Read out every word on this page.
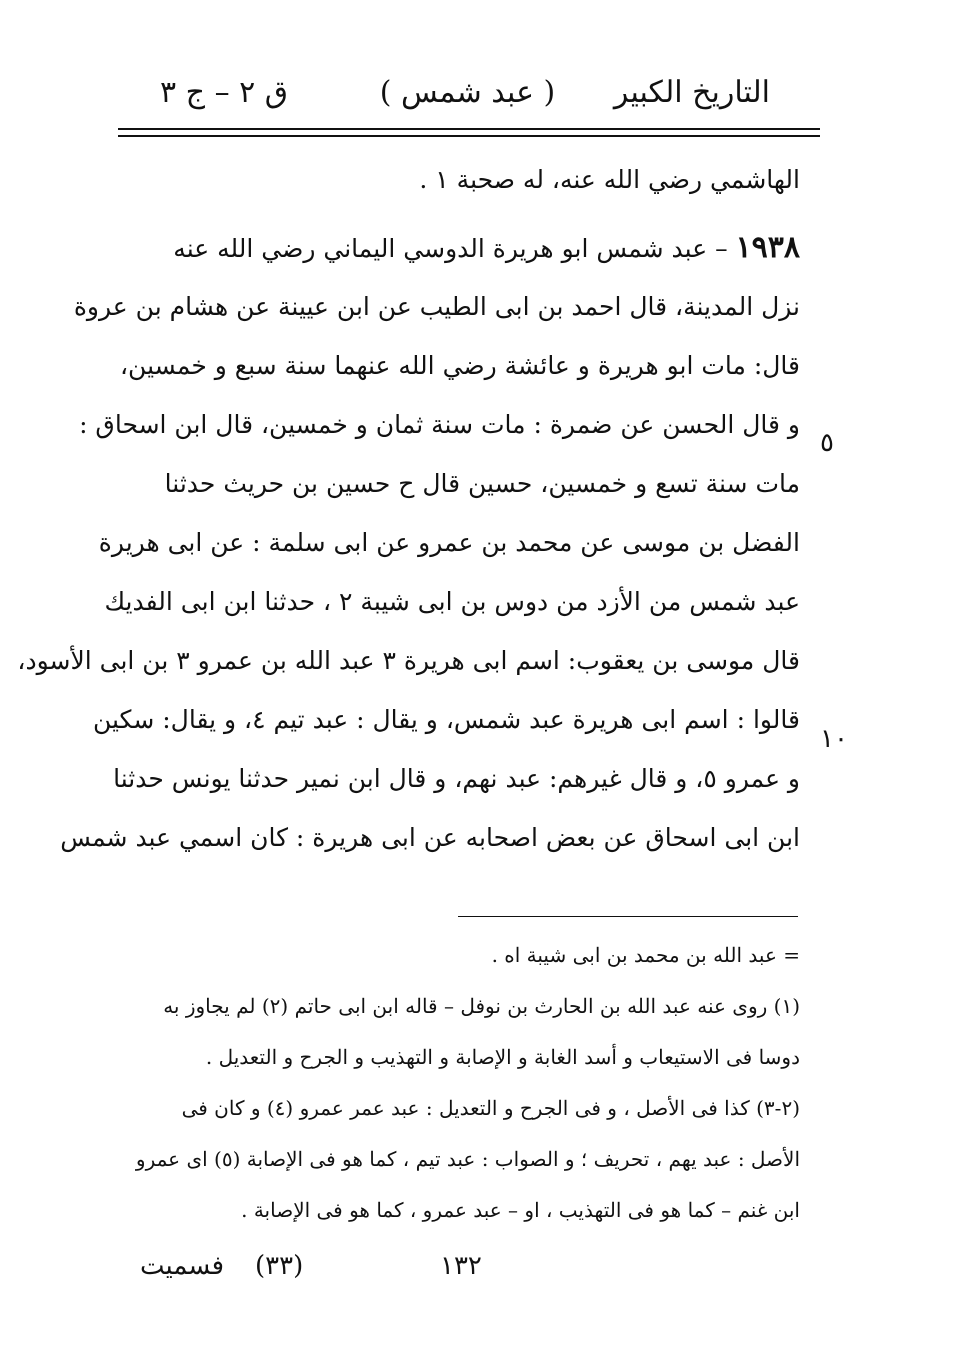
التاريخ الكبير
( عبد شمس )
ق ٢ – ج ٣
الهاشمي رضي الله عنه، له صحبة ١ .
١٩٣٨ – عبد شمس ابو هريرة الدوسي اليماني رضي الله عنه
نزل المدينة، قال احمد بن ابى الطيب عن ابن عيينة عن هشام بن عروة
قال: مات ابو هريرة و عائشة رضي الله عنهما سنة سبع و خمسين،
و قال الحسن عن ضمرة : مات سنة ثمان و خمسين، قال ابن اسحاق :
مات سنة تسع و خمسين، حسين قال ح حسين بن حريث حدثنا
الفضل بن موسى عن محمد بن عمرو عن ابى سلمة : عن ابى هريرة
عبد شمس من الأزد من دوس بن ابى شيبة ٢ ، حدثنا ابن ابى الفديك
قال موسى بن يعقوب: اسم ابى هريرة ٣ عبد الله بن عمرو ٣ بن ابى الأسود،
قالوا : اسم ابى هريرة عبد شمس، و يقال : عبد تيم ٤، و يقال: سكين
و عمرو ٥، و قال غيرهم: عبد نهم، و قال ابن نمير حدثنا يونس حدثنا
ابن ابى اسحاق عن بعض اصحابه عن ابى هريرة : كان اسمي عبد شمس
٥
١٠
= عبد الله بن محمد بن ابى شيبة اه .
(١) روى عنه عبد الله بن الحارث بن نوفل – قاله ابن ابى حاتم (٢) لم يجاوز به
دوسا فى الاستيعاب و أسد الغابة و الإصابة و التهذيب و الجرح و التعديل .
(٢-٣) كذا فى الأصل ، و فى الجرح و التعديل : عبد عمر عمرو (٤) و كان فى
الأصل : عبد يهم ، تحريف ؛ و الصواب : عبد تيم ، كما هو فى الإصابة (٥) اى عمرو
ابن غنم – كما هو فى التهذيب ، او – عبد عمرو ، كما هو فى الإصابة .
١٣٢
(٣٣)
فسميت
